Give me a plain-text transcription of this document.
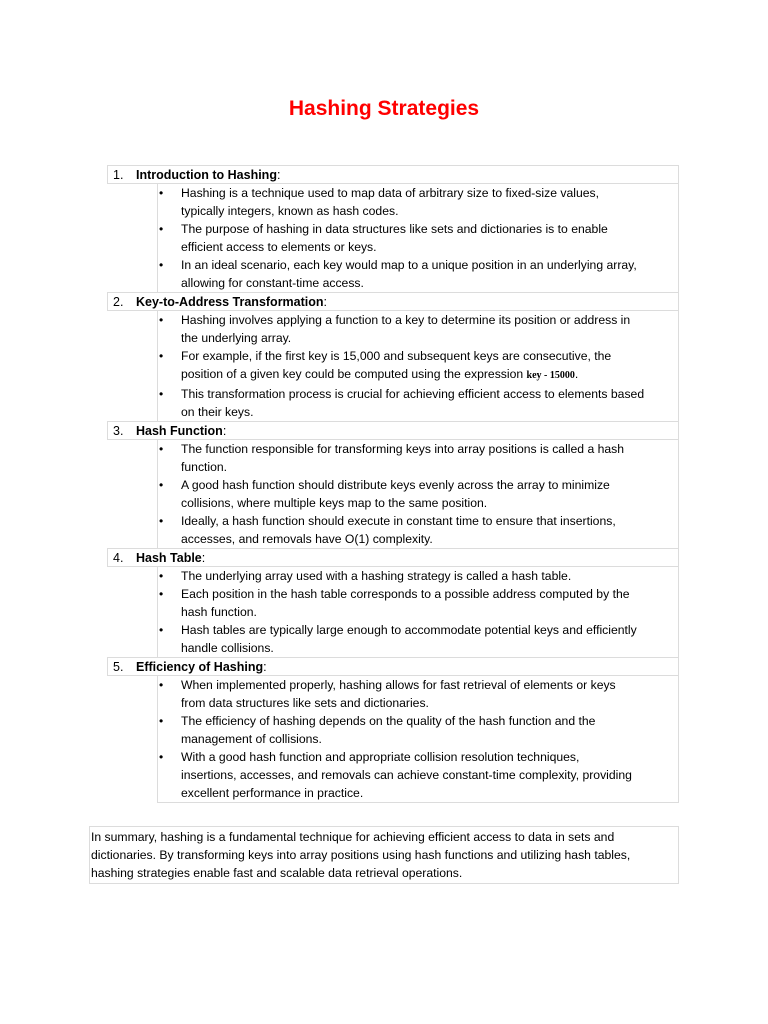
Hashing Strategies
1. Introduction to Hashing:
• Hashing is a technique used to map data of arbitrary size to fixed-size values,
typically integers, known as hash codes.
• The purpose of hashing in data structures like sets and dictionaries is to enable
efficient access to elements or keys.
• In an ideal scenario, each key would map to a unique position in an underlying array,
allowing for constant-time access.
2. Key-to-Address Transformation:
• Hashing involves applying a function to a key to determine its position or address in
the underlying array.
• For example, if the first key is 15,000 and subsequent keys are consecutive, the
position of a given key could be computed using the expression key - 15000.
• This transformation process is crucial for achieving efficient access to elements based
on their keys.
3. Hash Function:
• The function responsible for transforming keys into array positions is called a hash
function.
• A good hash function should distribute keys evenly across the array to minimize
collisions, where multiple keys map to the same position.
• Ideally, a hash function should execute in constant time to ensure that insertions,
accesses, and removals have O(1) complexity.
4. Hash Table:
• The underlying array used with a hashing strategy is called a hash table.
• Each position in the hash table corresponds to a possible address computed by the
hash function.
• Hash tables are typically large enough to accommodate potential keys and efficiently
handle collisions.
5. Efficiency of Hashing:
• When implemented properly, hashing allows for fast retrieval of elements or keys
from data structures like sets and dictionaries.
• The efficiency of hashing depends on the quality of the hash function and the
management of collisions.
• With a good hash function and appropriate collision resolution techniques,
insertions, accesses, and removals can achieve constant-time complexity, providing
excellent performance in practice.

In summary, hashing is a fundamental technique for achieving efficient access to data in sets and
dictionaries. By transforming keys into array positions using hash functions and utilizing hash tables,
hashing strategies enable fast and scalable data retrieval operations.
